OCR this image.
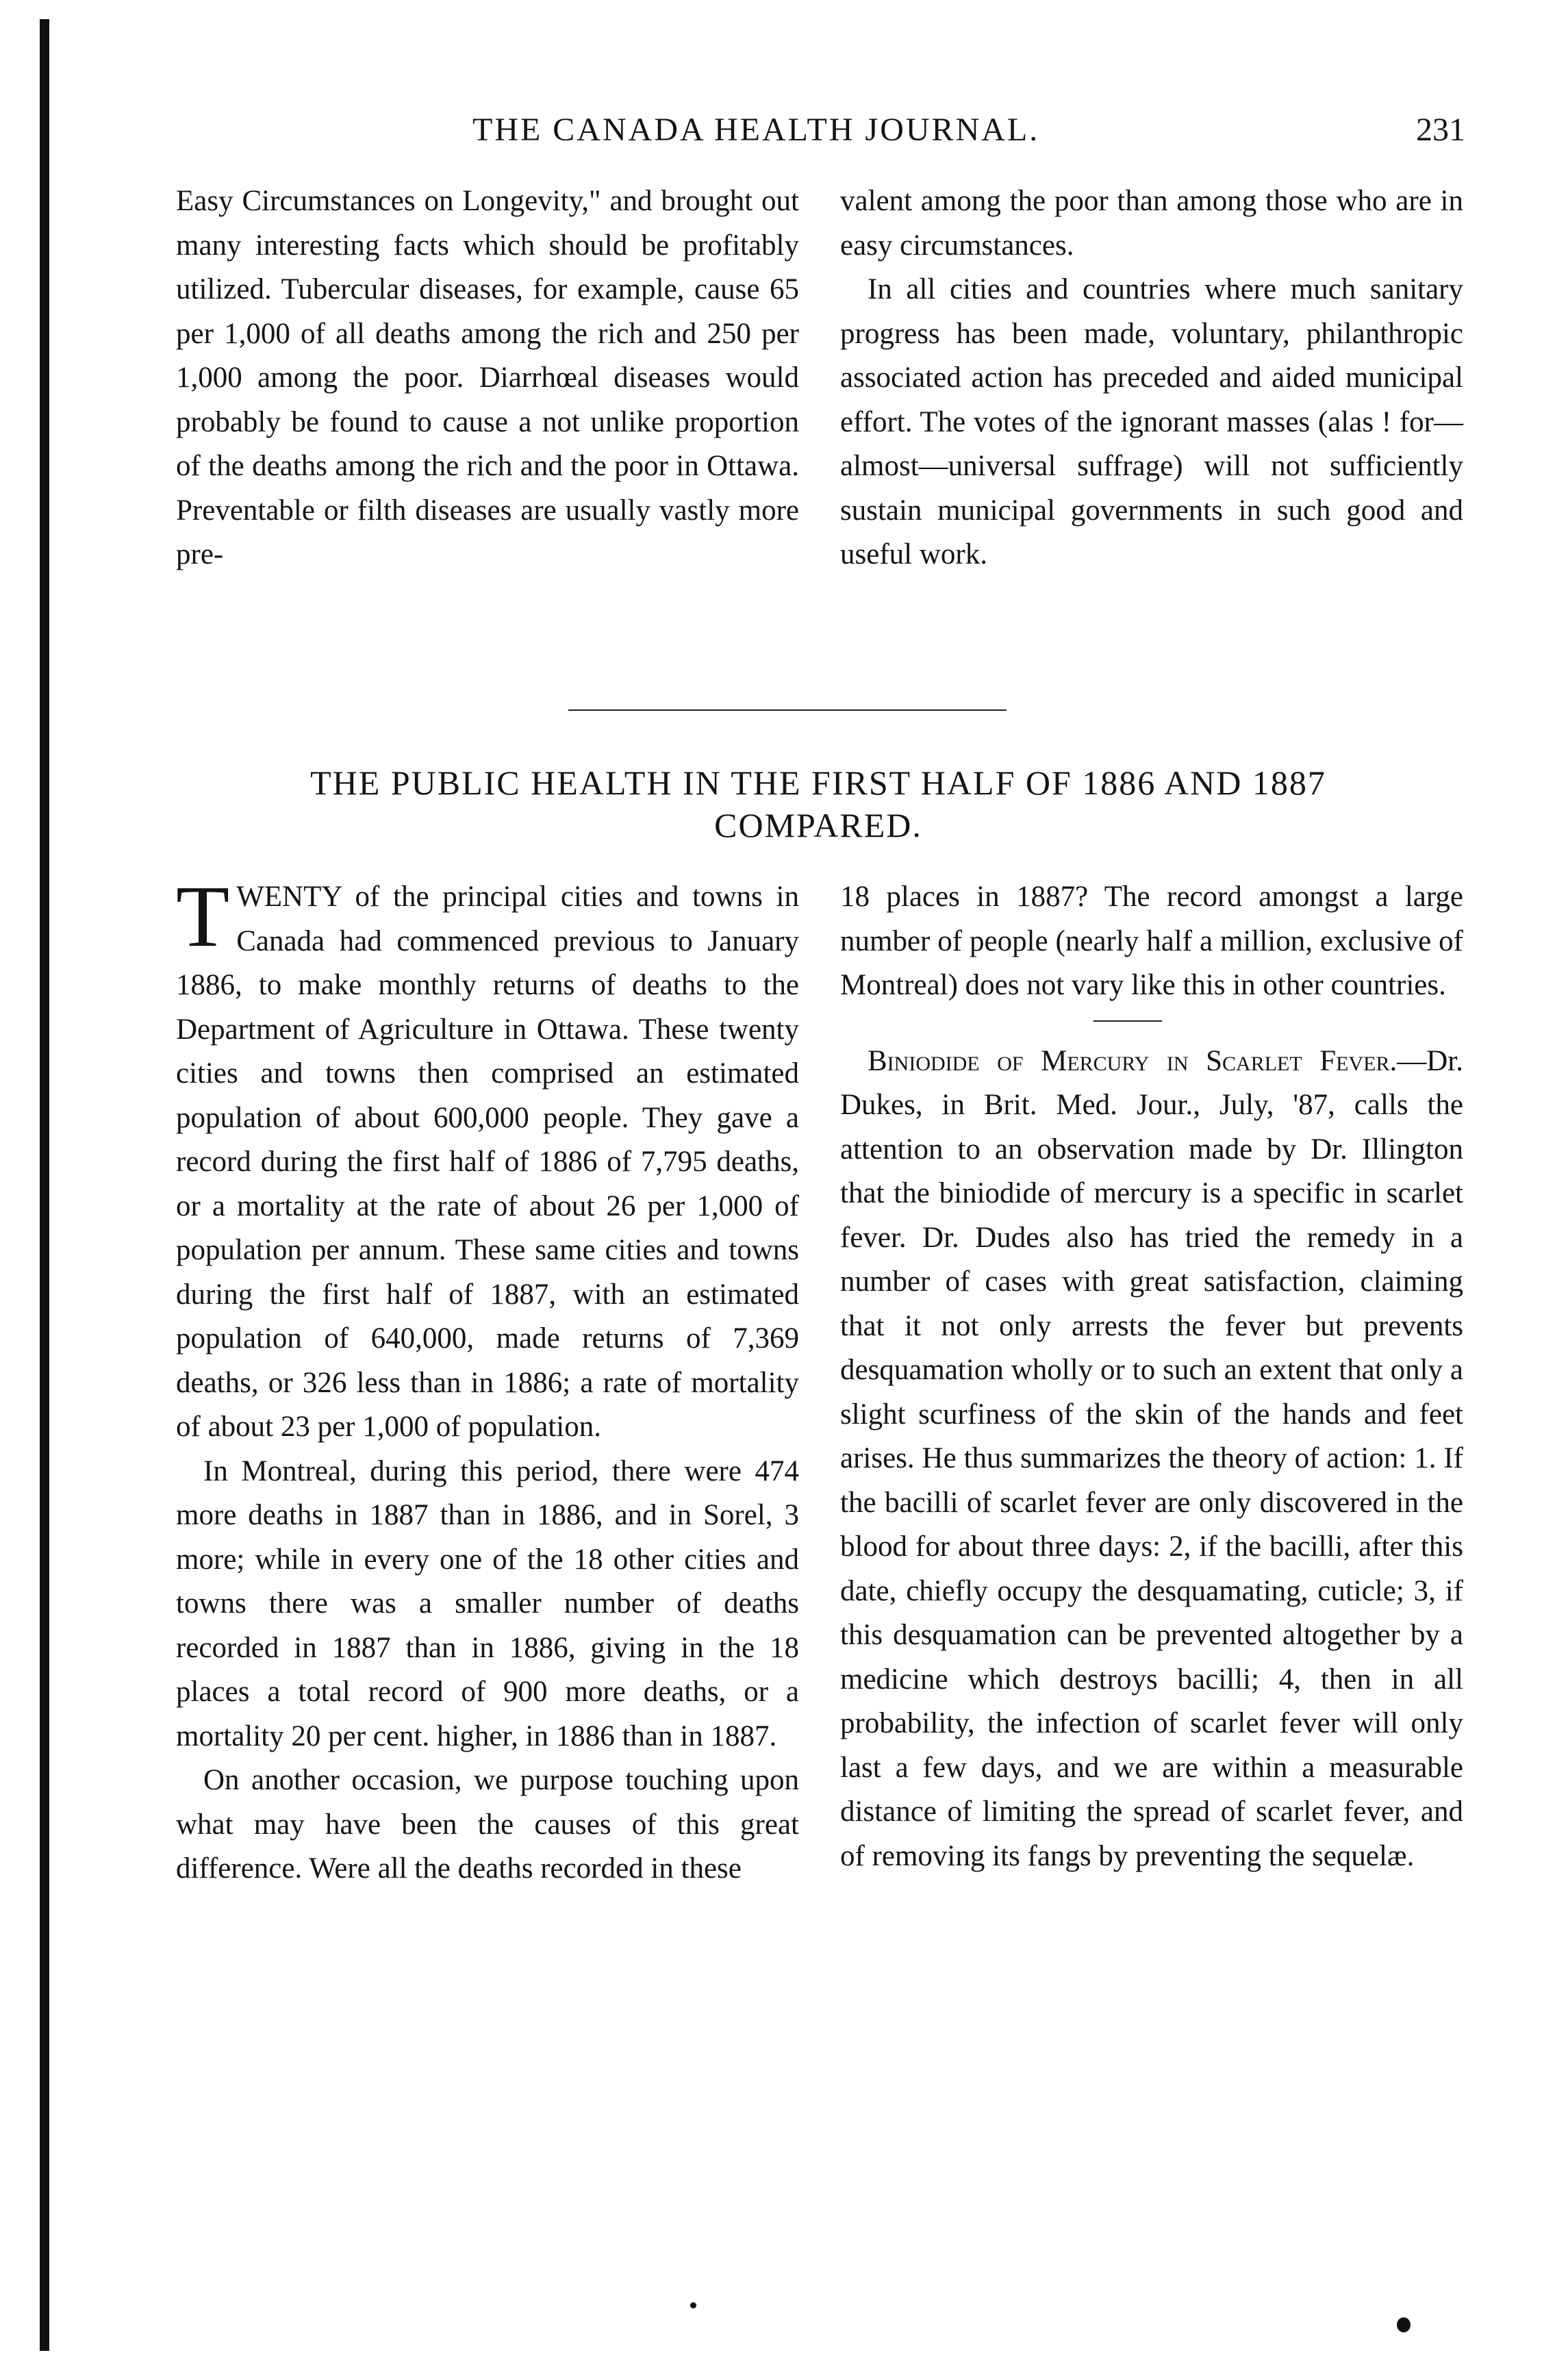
THE CANADA HEALTH JOURNAL.	231

Easy Circumstances on Longevity," and brought out many interesting facts which should be profitably utilized. Tubercular diseases, for example, cause 65 per 1,000 of all deaths among the rich and 250 per 1,000 among the poor. Diarrhœal diseases would probably be found to cause a not unlike proportion of the deaths among the rich and the poor in Ottawa. Preventable or filth diseases are usually vastly more pre-

valent among the poor than among those who are in easy circumstances.

In all cities and countries where much sanitary progress has been made, voluntary, philanthropic associated action has preceded and aided municipal effort. The votes of the ignorant masses (alas ! for—almost—universal suffrage) will not sufficiently sustain municipal governments in such good and useful work.

THE PUBLIC HEALTH IN THE FIRST HALF OF 1886 AND 1887
COMPARED.

TWENTY of the principal cities and towns in Canada had commenced previous to January 1886, to make monthly returns of deaths to the Department of Agriculture in Ottawa. These twenty cities and towns then comprised an estimated population of about 600,000 people. They gave a record during the first half of 1886 of 7,795 deaths, or a mortality at the rate of about 26 per 1,000 of population per annum. These same cities and towns during the first half of 1887, with an estimated population of 640,000, made returns of 7,369 deaths, or 326 less than in 1886; a rate of mortality of about 23 per 1,000 of population.

In Montreal, during this period, there were 474 more deaths in 1887 than in 1886, and in Sorel, 3 more; while in every one of the 18 other cities and towns there was a smaller number of deaths recorded in 1887 than in 1886, giving in the 18 places a total record of 900 more deaths, or a mortality 20 per cent. higher, in 1886 than in 1887.

On another occasion, we purpose touching upon what may have been the causes of this great difference. Were all the deaths recorded in these

18 places in 1887? The record amongst a large number of people (nearly half a million, exclusive of Montreal) does not vary like this in other countries.

Biniodide of Mercury in Scarlet Fever.—Dr. Dukes, in Brit. Med. Jour., July, '87, calls the attention to an observation made by Dr. Illington that the biniodide of mercury is a specific in scarlet fever. Dr. Dudes also has tried the remedy in a number of cases with great satisfaction, claiming that it not only arrests the fever but prevents desquamation wholly or to such an extent that only a slight scurfiness of the skin of the hands and feet arises. He thus summarizes the theory of action: 1. If the bacilli of scarlet fever are only discovered in the blood for about three days: 2, if the bacilli, after this date, chiefly occupy the desquamating, cuticle; 3, if this desquamation can be prevented altogether by a medicine which destroys bacilli; 4, then in all probability, the infection of scarlet fever will only last a few days, and we are within a measurable distance of limiting the spread of scarlet fever, and of removing its fangs by preventing the sequelæ.
